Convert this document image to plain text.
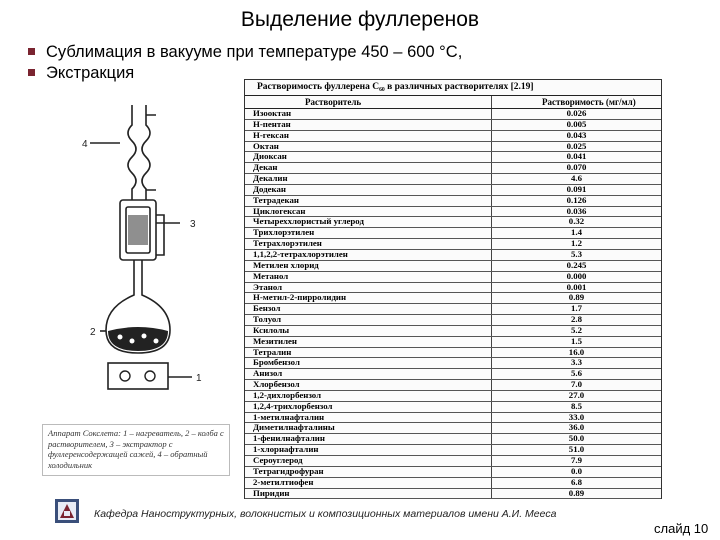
Выделение фуллеренов
Сублимация в вакууме при температуре 450 – 600 °С,
Экстракция
4
3
2
1
Аппарат Сокслета: 1 – нагреватель, 2 – колба с растворителем, 3 – экстрактор с фуллеренсодержащей сажей, 4 – обратный холодильник
Растворимость фуллерена C₆₀ в различных растворителях [2.19]
Растворитель	Растворимость (мг/мл)
Изооктан	0.026
Н-пентан	0.005
Н-гексан	0.043
Октан	0.025
Диоксан	0.041
Декан	0.070
Декалин	4.6
Додекан	0.091
Тетрадекан	0.126
Циклогексан	0.036
Четыреххлористый углерод	0.32
Трихлорэтилен	1.4
Тетрахлорэтилен	1.2
1,1,2,2-тетрахлорэтилен	5.3
Метилен хлорид	0.245
Метанол	0.000
Этанол	0.001
Н-метил-2-пирролидин	0.89
Бензол	1.7
Толуол	2.8
Ксилолы	5.2
Мезитилен	1.5
Тетралин	16.0
Бромбензол	3.3
Анизол	5.6
Хлорбензол	7.0
1,2-дихлорбензол	27.0
1,2,4-трихлорбензол	8.5
1-метилнафталин	33.0
Диметилнафталины	36.0
1-фенилнафталин	50.0
1-хлорнафталин	51.0
Сероуглерод	7.9
Тетрагидрофуран	0.0
2-метилтиофен	6.8
Пиридин	0.89
Кафедра Наноструктурных, волокнистых и композиционных материалов имени А.И. Мееса
слайд 10
